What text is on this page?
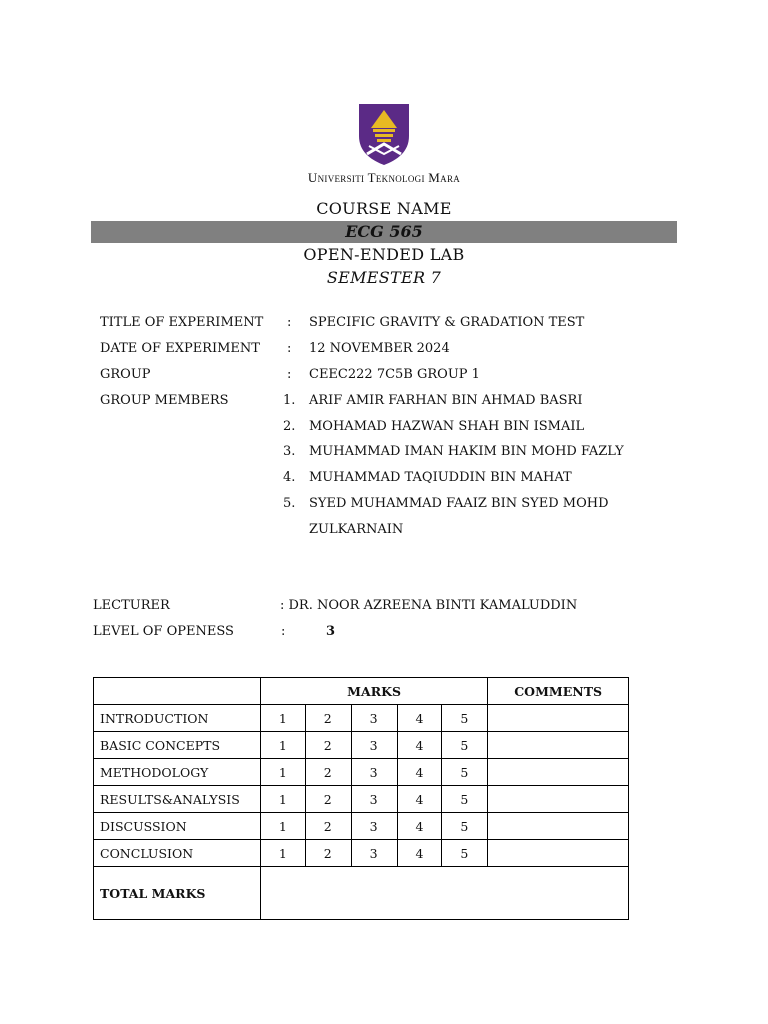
Universiti Teknologi Mara
COURSE NAME
ECG 565
OPEN-ENDED LAB
SEMESTER 7
TITLE OF EXPERIMENT : SPECIFIC GRAVITY & GRADATION TEST
DATE OF EXPERIMENT : 12 NOVEMBER 2024
GROUP	: CEEC222 7C5B GROUP 1
GROUP MEMBERS	1. ARIF AMIR FARHAN BIN AHMAD BASRI
2. MOHAMAD HAZWAN SHAH BIN ISMAIL
3. MUHAMMAD IMAN HAKIM BIN MOHD FAZLY
4. MUHAMMAD TAQIUDDIN BIN MAHAT
5. SYED MUHAMMAD FAAIZ BIN SYED MOHD
ZULKARNAIN
LECTURER	: DR. NOOR AZREENA BINTI KAMALUDDIN
LEVEL OF OPENESS	:	3
	MARKS					COMMENTS
INTRODUCTION	1	2	3	4	5	
BASIC CONCEPTS	1	2	3	4	5	
METHODOLOGY	1	2	3	4	5	
RESULTS&ANALYSIS	1	2	3	4	5	
DISCUSSION	1	2	3	4	5	
CONCLUSION	1	2	3	4	5	
TOTAL MARKS						
